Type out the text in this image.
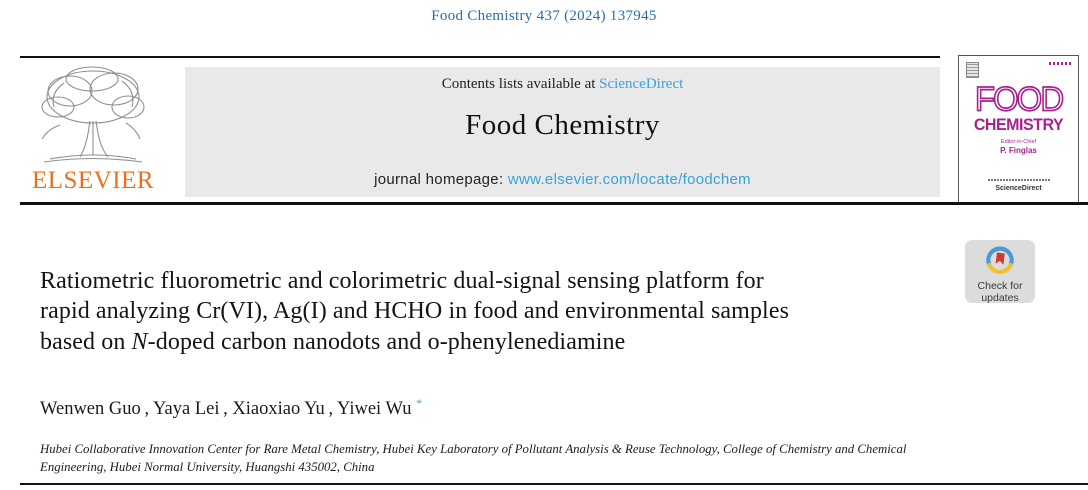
Food Chemistry 437 (2024) 137945
ELSEVIER
Contents lists available at ScienceDirect
Food Chemistry
journal homepage: www.elsevier.com/locate/foodchem
FOOD
CHEMISTRY
Editor-in-Chief
P. Finglas
ScienceDirect
Check for
updates
Ratiometric fluorometric and colorimetric dual-signal sensing platform for
rapid analyzing Cr(VI), Ag(I) and HCHO in food and environmental samples
based on N-doped carbon nanodots and o-phenylenediamine
Wenwen Guo , Yaya Lei , Xiaoxiao Yu , Yiwei Wu *
Hubei Collaborative Innovation Center for Rare Metal Chemistry, Hubei Key Laboratory of Pollutant Analysis & Reuse Technology, College of Chemistry and Chemical
Engineering, Hubei Normal University, Huangshi 435002, China
